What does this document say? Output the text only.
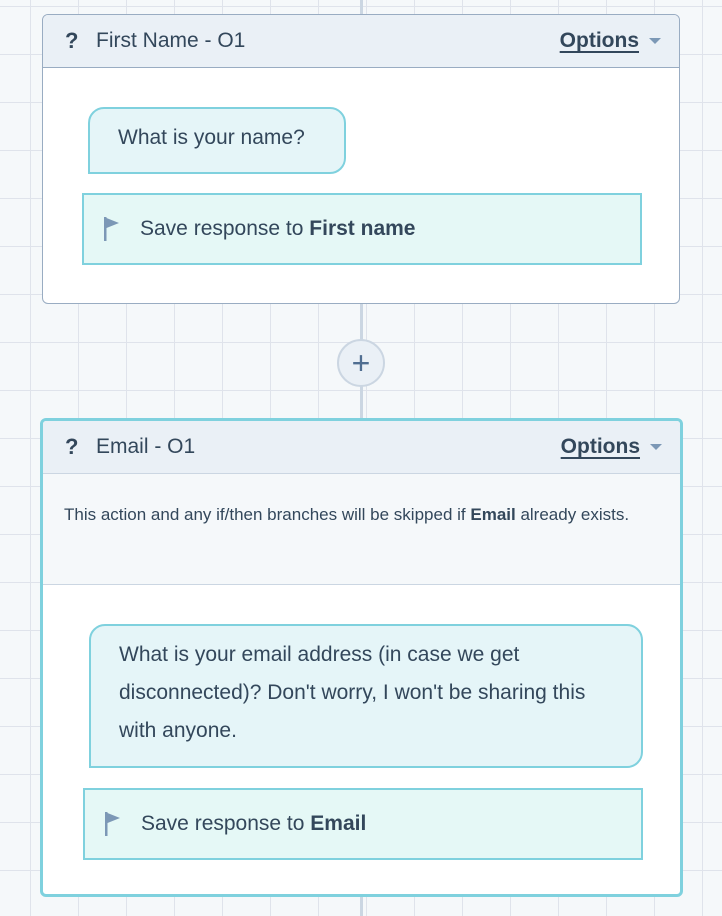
? First Name - O1	Options
What is your name?
Save response to First name
+
? Email - O1	Options
This action and any if/then branches will be skipped if Email already exists.
What is your email address (in case we get disconnected)? Don't worry, I won't be sharing this with anyone.
Save response to Email
